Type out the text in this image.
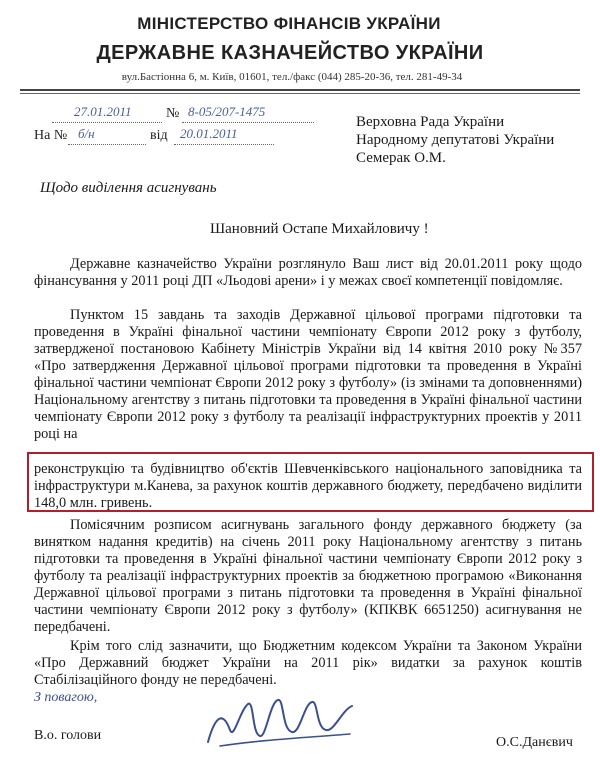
МІНІСТЕРСТВО ФІНАНСІВ УКРАЇНИ
ДЕРЖАВНЕ КАЗНАЧЕЙСТВО УКРАЇНИ
вул.Бастіонна 6, м. Київ, 01601, тел./факс (044) 285-20-36, тел. 281-49-34
27.01.2011 № 8-05/207-1475
На № б/н	від 20.01.2011
Верховна Рада України
Народному депутатові України
Семерак О.М.
Щодо виділення асигнувань
Шановний Остапе Михайловичу !

Державне казначейство України розглянуло Ваш лист від 20.01.2011 року щодо фінансування у 2011 році ДП «Льодові арени» і у межах своєї компетенції повідомляє.

Пунктом 15 завдань та заходів Державної цільової програми підготовки та проведення в Україні фінальної частини чемпіонату Європи 2012 року з футболу, затвердженої постановою Кабінету Міністрів України від 14 квітня 2010 року №357 «Про затвердження Державної цільової програми підготовки та проведення в Україні фінальної частини чемпіонат Європи 2012 року з футболу» (із змінами та доповненнями) Національному агентству з питань підготовки та проведення в Україні фінальної частини чемпіонату Європи 2012 року з футболу та реалізації інфраструктурних проектів у 2011 році на

реконструкцію та будівництво об'єктів Шевченківського національного заповідника та інфраструктури м.Канева, за рахунок коштів державного бюджету, передбачено виділити 148,0 млн. гривень.

Помісячним розписом асигнувань загального фонду державного бюджету (за винятком надання кредитів) на січень 2011 року Національному агентству з питань підготовки та проведення в Україні фінальної частини чемпіонату Європи 2012 року з футболу та реалізації інфраструктурних проектів за бюджетною програмою «Виконання Державної цільової програми з питань підготовки та проведення в Україні фінальної частини чемпіонату Європи 2012 року з футболу» (КПКВК 6651250) асигнування не передбачені.

Крім того слід зазначити, що Бюджетним кодексом України та Законом України «Про Державний бюджет України на 2011 рік» видатки за рахунок коштів Стабілізаційного фонду не передбачені.

З повагою,
В.о. голови	О.С.Данєвич
